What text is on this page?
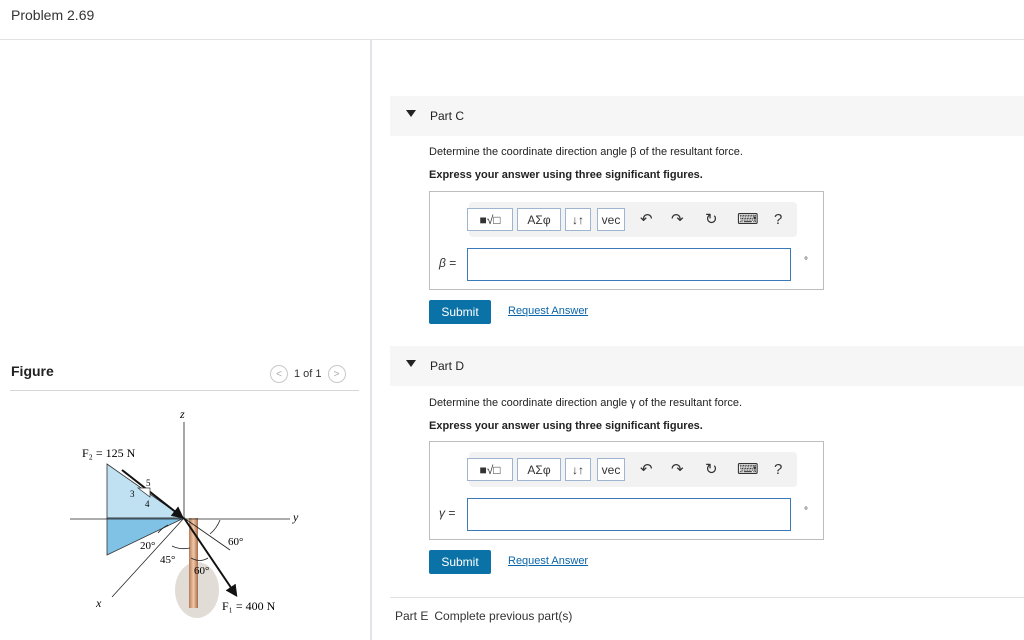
Problem 2.69
Figure	<	1 of 1	>
z
y
x
F₂ = 125 N
F₁ = 400 N
20°
45°
60°
60°
3
4
5
Part C
Determine the coordinate direction angle β of the resultant force.
Express your answer using three significant figures.
■√□	ΑΣφ	↓↑	vec	↶ ↷ ↻ ⌨ ?
β =	°
Submit	Request Answer
Part D
Determine the coordinate direction angle γ of the resultant force.
Express your answer using three significant figures.
■√□	ΑΣφ	↓↑	vec	↶ ↷ ↻ ⌨ ?
γ =	°
Submit	Request Answer
Part E Complete previous part(s)
